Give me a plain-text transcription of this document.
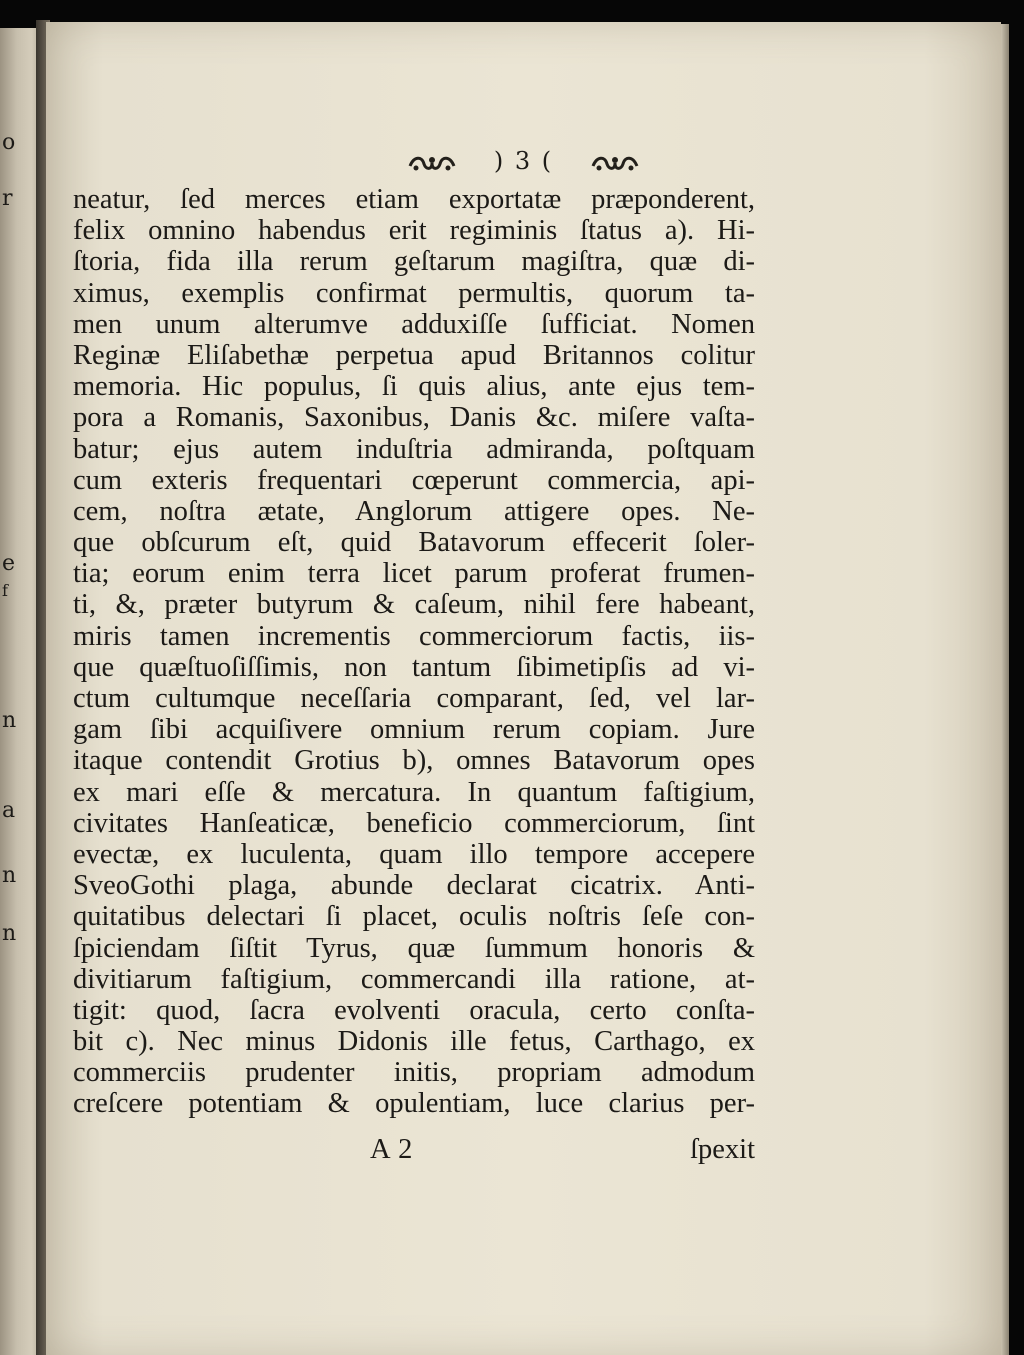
o
r
e
f
n
a
n
n
) 3 (
neatur, ſed merces etiam exportatæ præponderent,
felix omnino habendus erit regiminis ſtatus a). Hi-
ſtoria, fida illa rerum geſtarum magiſtra, quæ di-
ximus, exemplis confirmat permultis, quorum ta-
men unum alterumve adduxiſſe ſufficiat. Nomen
Reginæ Eliſabethæ perpetua apud Britannos colitur
memoria. Hic populus, ſi quis alius, ante ejus tem-
pora a Romanis, Saxonibus, Danis &c. miſere vaſta-
batur; ejus autem induſtria admiranda, poſtquam
cum exteris frequentari cœperunt commercia, api-
cem, noſtra ætate, Anglorum attigere opes. Ne-
que obſcurum eſt, quid Batavorum effecerit ſoler-
tia; eorum enim terra licet parum proferat frumen-
ti, &, præter butyrum & caſeum, nihil fere habeant,
miris tamen incrementis commerciorum factis, iis-
que quæſtuoſiſſimis, non tantum ſibimetipſis ad vi-
ctum cultumque neceſſaria comparant, ſed, vel lar-
gam ſibi acquiſivere omnium rerum copiam. Jure
itaque contendit Grotius b), omnes Batavorum opes
ex mari eſſe & mercatura. In quantum faſtigium,
civitates Hanſeaticæ, beneficio commerciorum, ſint
evectæ, ex luculenta, quam illo tempore accepere
SveoGothi plaga, abunde declarat cicatrix. Anti-
quitatibus delectari ſi placet, oculis noſtris ſeſe con-
ſpiciendam ſiſtit Tyrus, quæ ſummum honoris &
divitiarum faſtigium, commercandi illa ratione, at-
tigit: quod, ſacra evolventi oracula, certo conſta-
bit c). Nec minus Didonis ille fetus, Carthago, ex
commerciis prudenter initis, propriam admodum
creſcere potentiam & opulentiam, luce clarius per-
A 2	ſpexit
